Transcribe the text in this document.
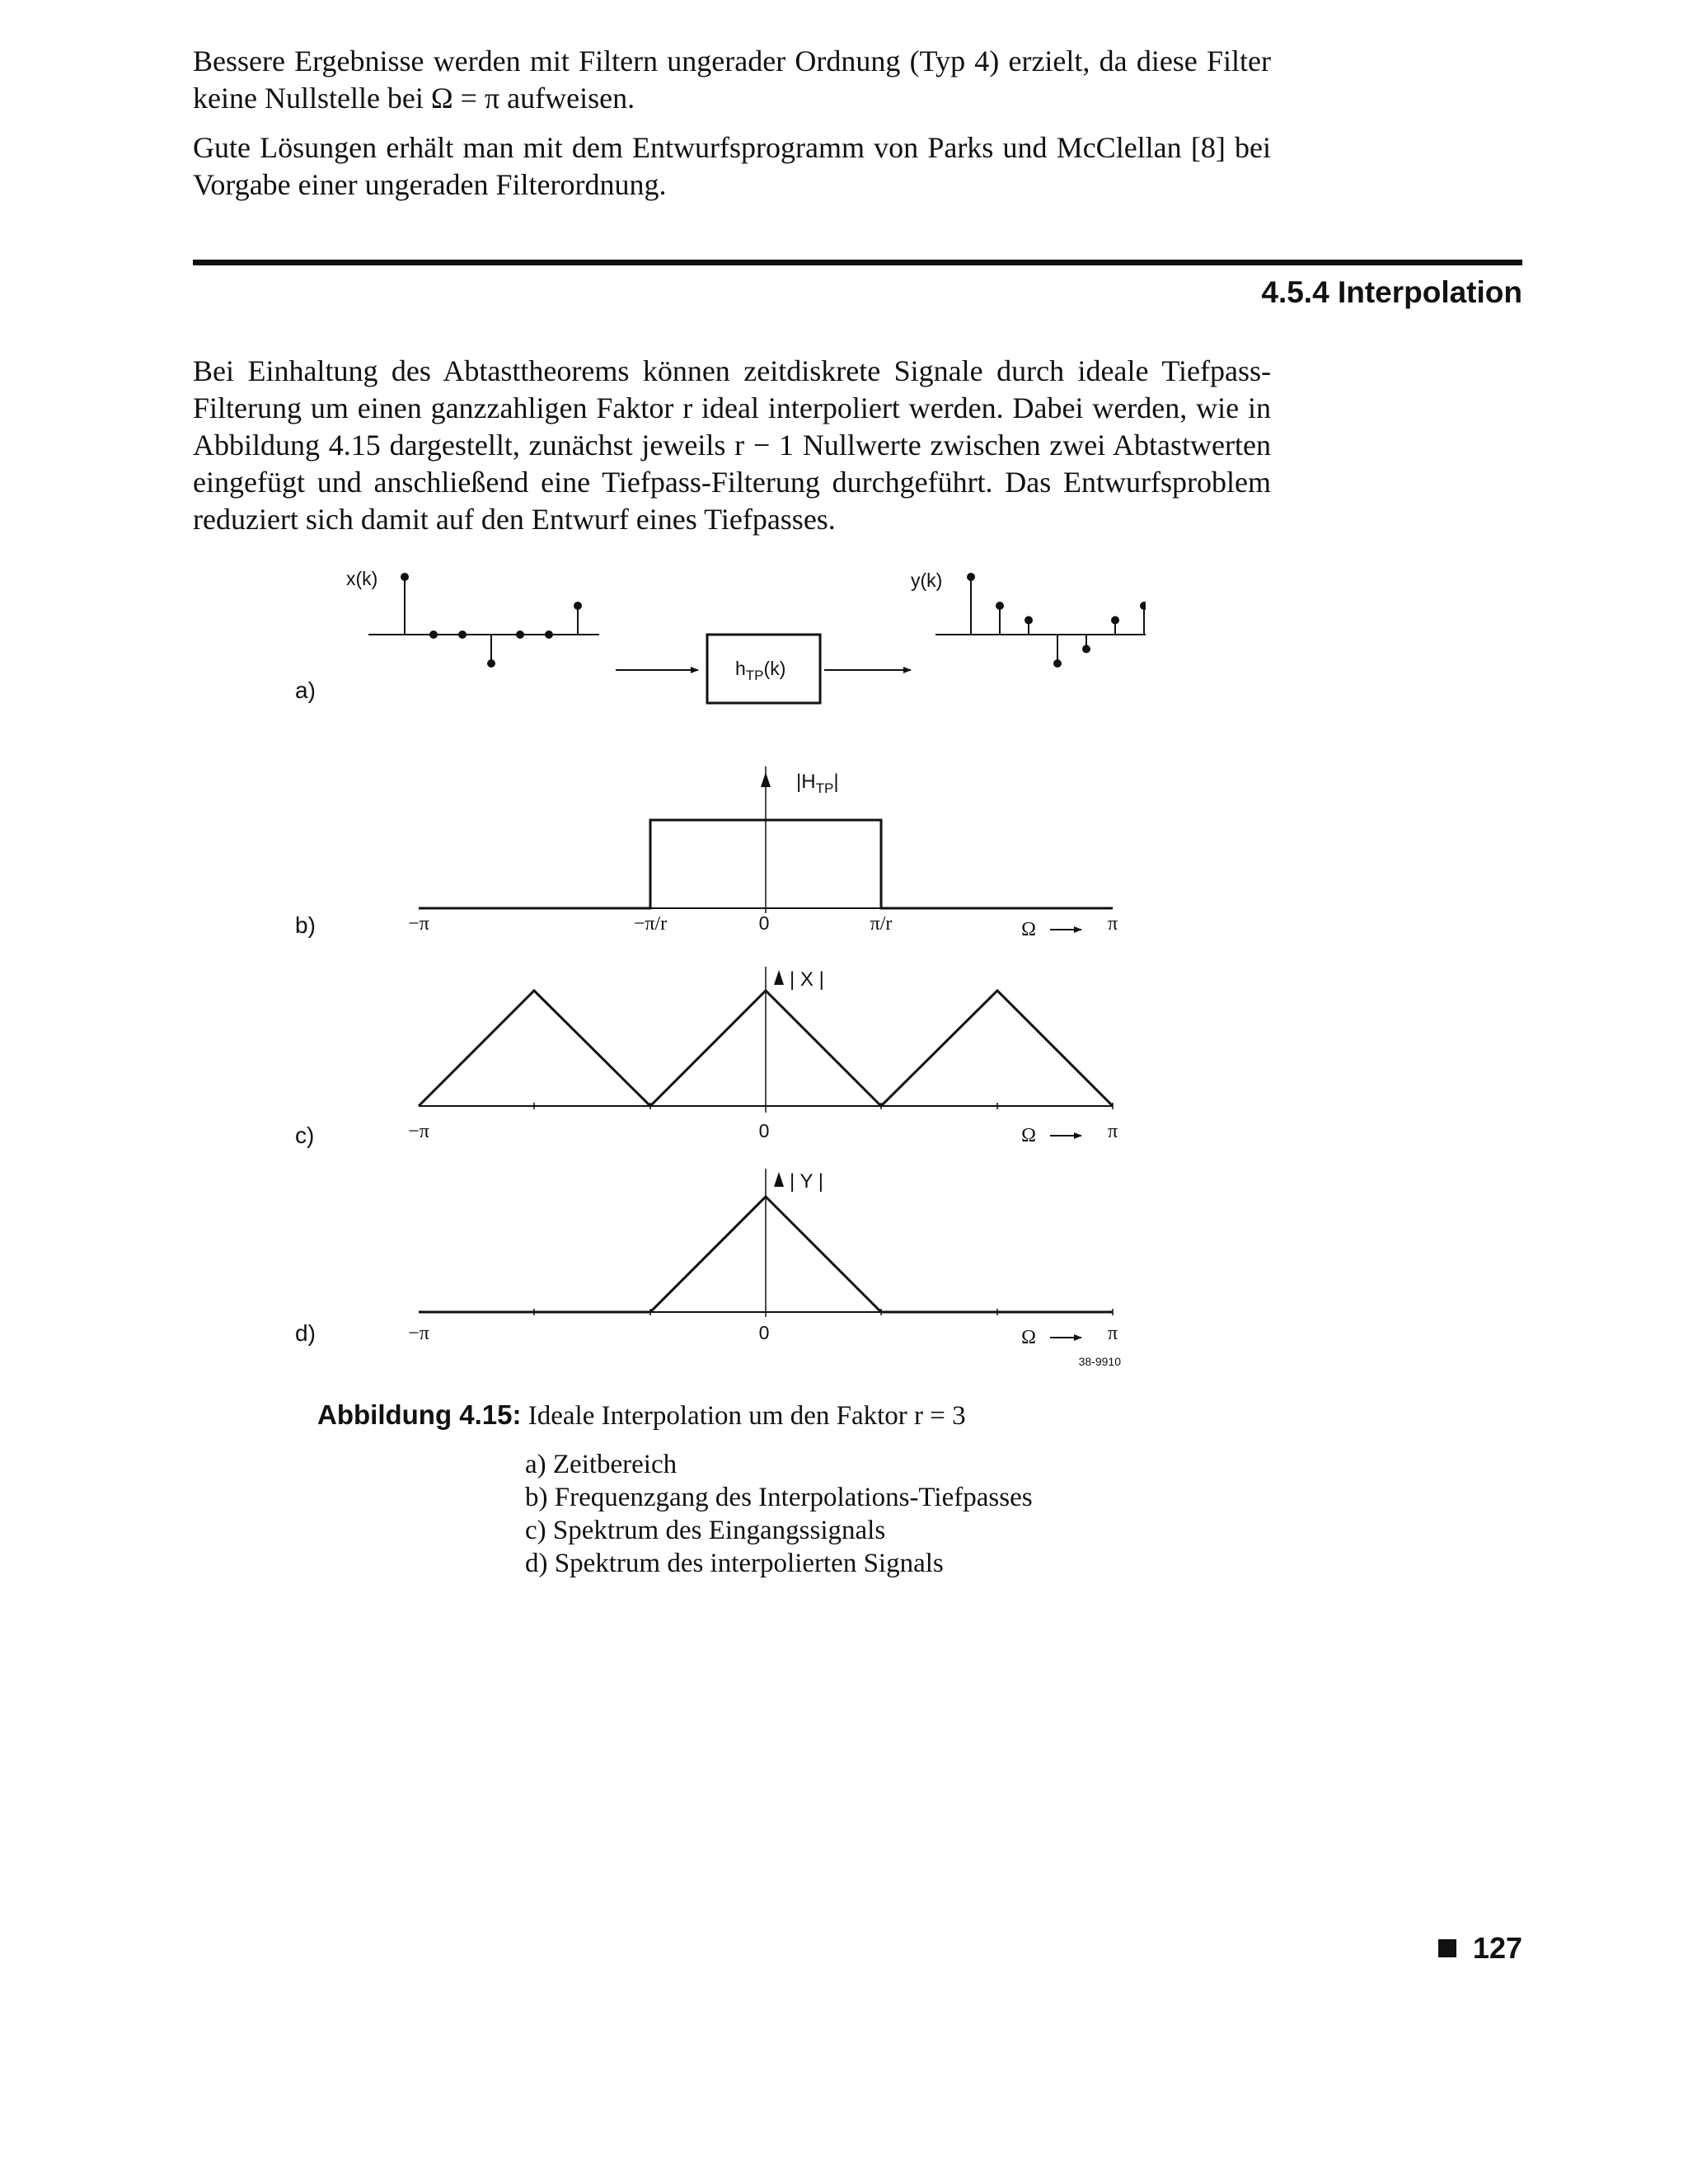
Bessere Ergebnisse werden mit Filtern ungerader Ordnung (Typ 4) erzielt, da diese Filter keine Nullstelle bei Ω = π aufweisen.

Gute Lösungen erhält man mit dem Entwurfsprogramm von Parks und McClellan [8] bei Vorgabe einer ungeraden Filterordnung.

4.5.4 Interpolation

Bei Einhaltung des Abtasttheorems können zeitdiskrete Signale durch ideale Tiefpass-Filterung um einen ganzzahligen Faktor r ideal interpoliert werden. Dabei werden, wie in Abbildung 4.15 dargestellt, zunächst jeweils r − 1 Nullwerte zwischen zwei Abtastwerten eingefügt und anschließend eine Tiefpass-Filterung durchgeführt. Das Entwurfsproblem reduziert sich damit auf den Entwurf eines Tiefpasses.

a)
x(k)
$h_{TP}(k)$
y(k)
b)
$|H_{TP}|$
−π	−π/r	0	π/r	π
Ω
c)
| X |
−π	0	π
Ω
d)
| Y |
−π	0	π
Ω
38-9910
Abbildung 4.15: Ideale Interpolation um den Faktor r = 3
a) Zeitbereich
b) Frequenzgang des Interpolations-Tiefpasses
c) Spektrum des Eingangssignals
d) Spektrum des interpolierten Signals
127
